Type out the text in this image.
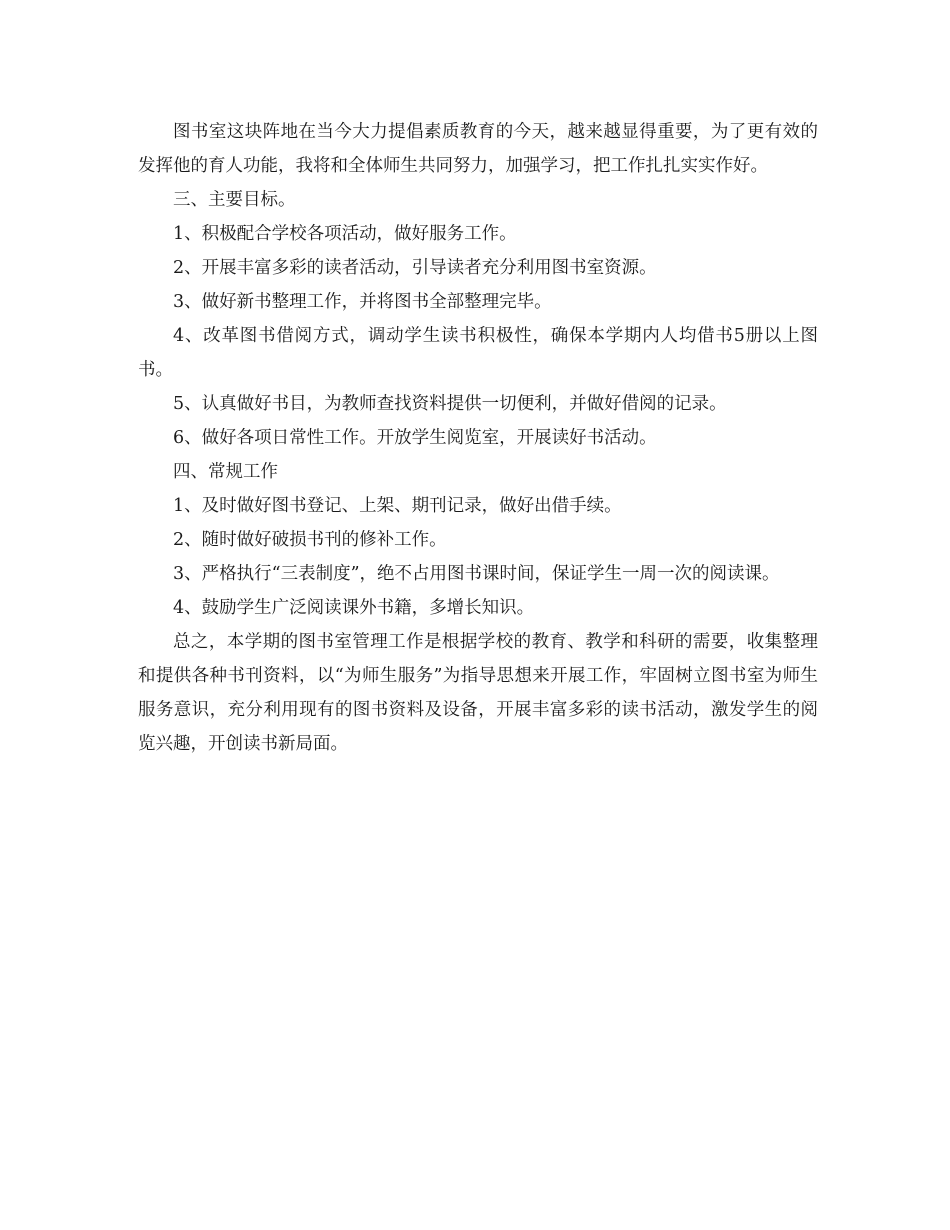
图书室这块阵地在当今大力提倡素质教育的今天，越来越显得重要，为了更有效的发挥他的育人功能，我将和全体师生共同努力，加强学习，把工作扎扎实实作好。

三、主要目标。

1、积极配合学校各项活动，做好服务工作。

2、开展丰富多彩的读者活动，引导读者充分利用图书室资源。

3、做好新书整理工作，并将图书全部整理完毕。

4、改革图书借阅方式，调动学生读书积极性，确保本学期内人均借书5册以上图书。

5、认真做好书目，为教师查找资料提供一切便利，并做好借阅的记录。

6、做好各项日常性工作。开放学生阅览室，开展读好书活动。

四、常规工作

1、及时做好图书登记、上架、期刊记录，做好出借手续。

2、随时做好破损书刊的修补工作。

3、严格执行“三表制度”，绝不占用图书课时间，保证学生一周一次的阅读课。

4、鼓励学生广泛阅读课外书籍，多增长知识。

总之，本学期的图书室管理工作是根据学校的教育、教学和科研的需要，收集整理和提供各种书刊资料，以“为师生服务”为指导思想来开展工作，牢固树立图书室为师生服务意识，充分利用现有的图书资料及设备，开展丰富多彩的读书活动，激发学生的阅览兴趣，开创读书新局面。
